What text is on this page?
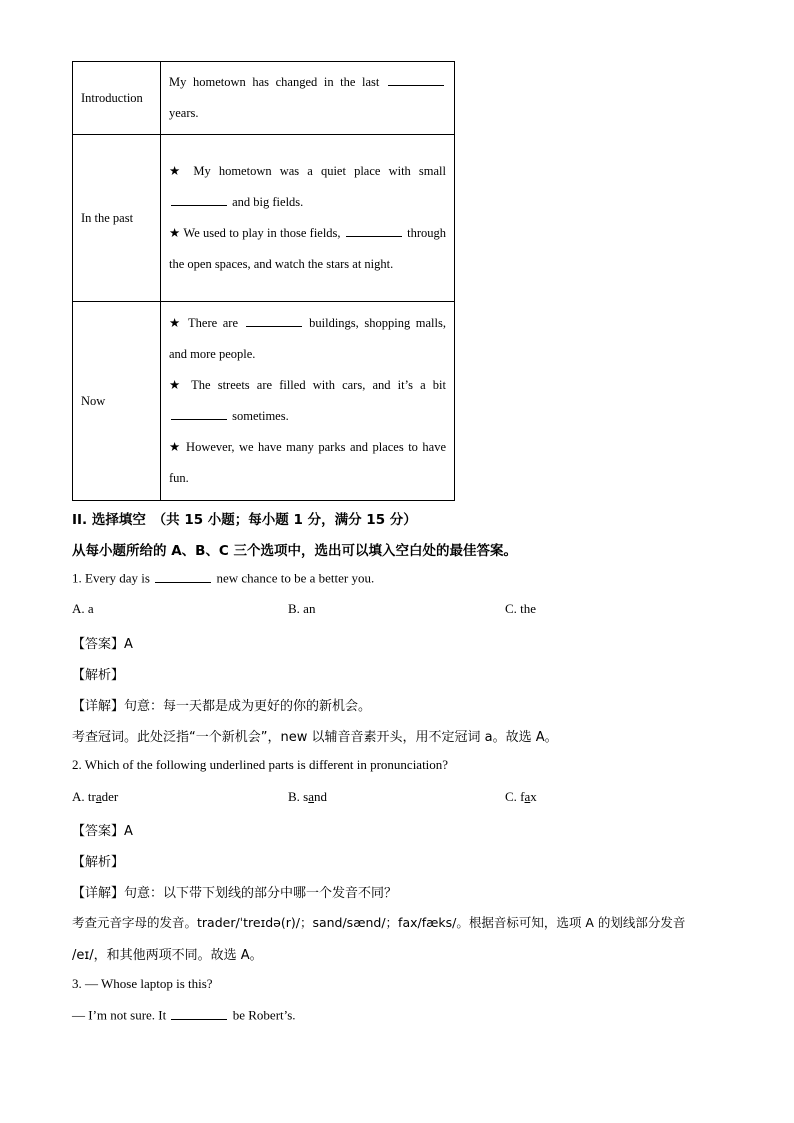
Introduction	My hometown has changed in the last  years.
In the past	★ My hometown was a quiet place with small  and big fields.
★ We used to play in those fields, through the open spaces, and watch the stars at night.

Now	★ There are buildings, shopping malls, and more people.
★ The streets are filled with cars, and it’s a bit  sometimes.
★ However, we have many parks and places to have fun.
II. 选择填空　（共 15 小题；每小题 1 分，满分 15 分）
从每小题所给的 A、B、C 三个选项中，选出可以填入空白处的最佳答案。
1. Every day is	new chance to be a better you.
A. a	B. an	C. the
【答案】A
【解析】
【详解】句意：每一天都是成为更好的你的新机会。
考查冠词。此处泛指“一个新机会”，new 以辅音音素开头，用不定冠词 a。故选 A。
2. Which of the following underlined parts is different in pronunciation?
A. trader	B. sand	C. fax
【答案】A
【解析】
【详解】句意：以下带下划线的部分中哪一个发音不同？
考查元音字母的发音。trader/ˈtreɪdə(r)/；sand/sænd/；fax/fæks/。根据音标可知，选项 A 的划线部分发音
/eɪ/，和其他两项不同。故选 A。
3. — Whose laptop is this?
— I’m not sure. It	be Robert’s.
